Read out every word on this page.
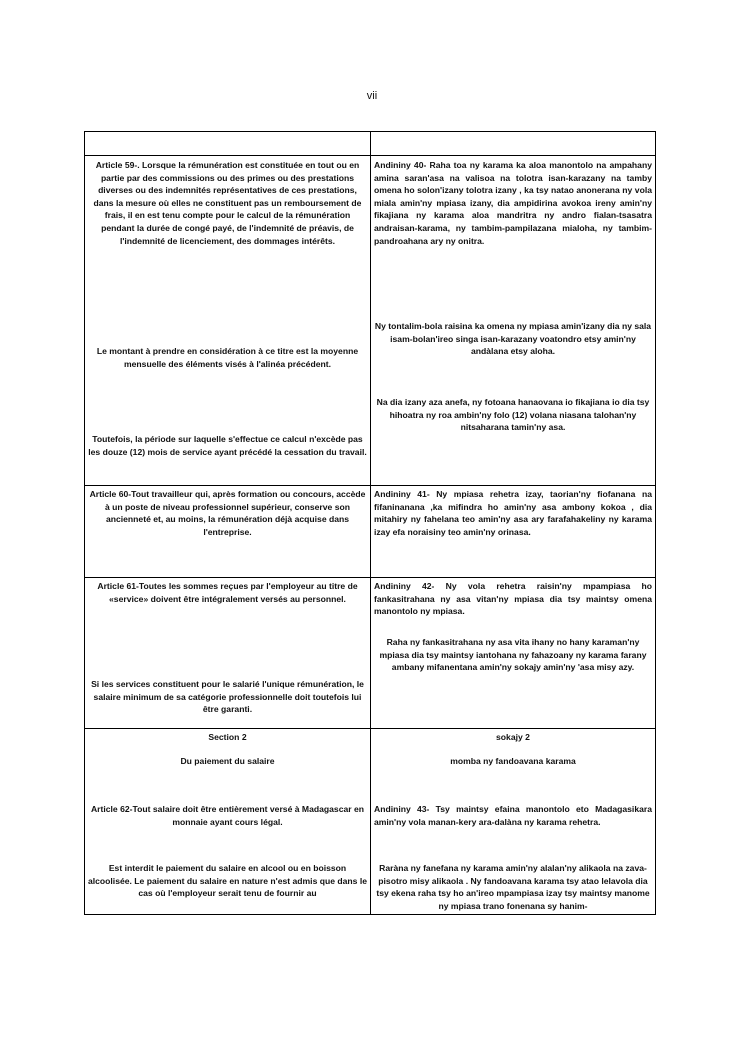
vii
Article 59-. Lorsque la rémunération est constituée en tout ou en partie par des commissions ou des primes ou des prestations diverses ou des indemnités représentatives de ces prestations, dans la mesure où elles ne constituent pas un remboursement de frais, il en est tenu compte pour le calcul de la rémunération pendant la durée de congé payé, de l'indemnité de préavis, de l'indemnité de licenciement, des dommages intérêts.
Le montant à prendre en considération à ce titre est la moyenne mensuelle des éléments visés à l'alinéa précédent.
Toutefois, la période sur laquelle s'effectue ce calcul n'excède pas les douze (12) mois de service ayant précédé la cessation du travail.
Andininy 40- Raha toa ny karama ka aloa manontolo na ampahany amina saran'asa na valisoa na tolotra isan-karazany na tamby omena ho solon'izany tolotra izany , ka tsy natao anonerana ny vola miala amin'ny mpiasa izany, dia ampidirina avokoa ireny amin'ny fikajiana ny karama aloa mandritra ny andro fialan-tsasatra andraisan-karama, ny tambim-pampilazana mialoha, ny tambim-pandroahana ary ny onitra.
Ny tontalim-bola raisina ka omena ny mpiasa amin'izany dia ny sala isam-bolan'ireo singa isan-karazany voatondro etsy amin'ny andàlana etsy aloha.
Na dia izany aza anefa, ny fotoana hanaovana io fikajiana io dia tsy hihoatra ny roa ambin'ny folo (12) volana niasana talohan'ny nitsaharana tamin'ny asa.
Article 60-Tout travailleur qui, après formation ou concours, accède à un poste de niveau professionnel supérieur, conserve son ancienneté et, au moins, la rémunération déjà acquise dans l'entreprise.
Andininy 41- Ny mpiasa rehetra izay, taorian'ny fiofanana na fifaninanana ,ka mifindra ho amin'ny asa ambony kokoa , dia mitahiry ny fahelana teo amin'ny asa ary farafahakeliny ny karama izay efa noraisiny teo amin'ny orinasa.
Article 61-Toutes les sommes reçues par l'employeur au titre de «service» doivent être intégralement versés au personnel.
Si les services constituent pour le salarié l'unique rémunération, le salaire minimum de sa catégorie professionnelle doit toutefois lui être garanti.
Andininy 42- Ny vola rehetra raisin'ny mpampiasa ho fankasitrahana ny asa vitan'ny mpiasa dia tsy maintsy omena manontolo ny mpiasa.
Raha ny fankasitrahana ny asa vita ihany no hany karaman'ny mpiasa dia tsy maintsy iantohana ny fahazoany ny karama farany ambany mifanentana amin'ny sokajy amin'ny 'asa misy azy.
Section 2
Du paiement du salaire
Article 62-Tout salaire doit être entièrement versé à Madagascar en monnaie ayant cours légal.
Est interdit le paiement du salaire en alcool ou en boisson alcoolisée. Le paiement du salaire en nature n'est admis que dans le cas où l'employeur serait tenu de fournir au
sokajy 2
momba ny fandoavana karama
Andininy 43- Tsy maintsy efaina manontolo eto Madagasikara amin'ny vola manan-kery ara-dalàna ny karama rehetra.
Raràna ny fanefana ny karama amin'ny alalan'ny alikaola na zava-pisotro misy alikaola . Ny fandoavana karama tsy atao lelavola dia tsy ekena raha tsy ho an'ireo mpampiasa izay tsy maintsy manome ny mpiasa trano fonenana sy hanim-
